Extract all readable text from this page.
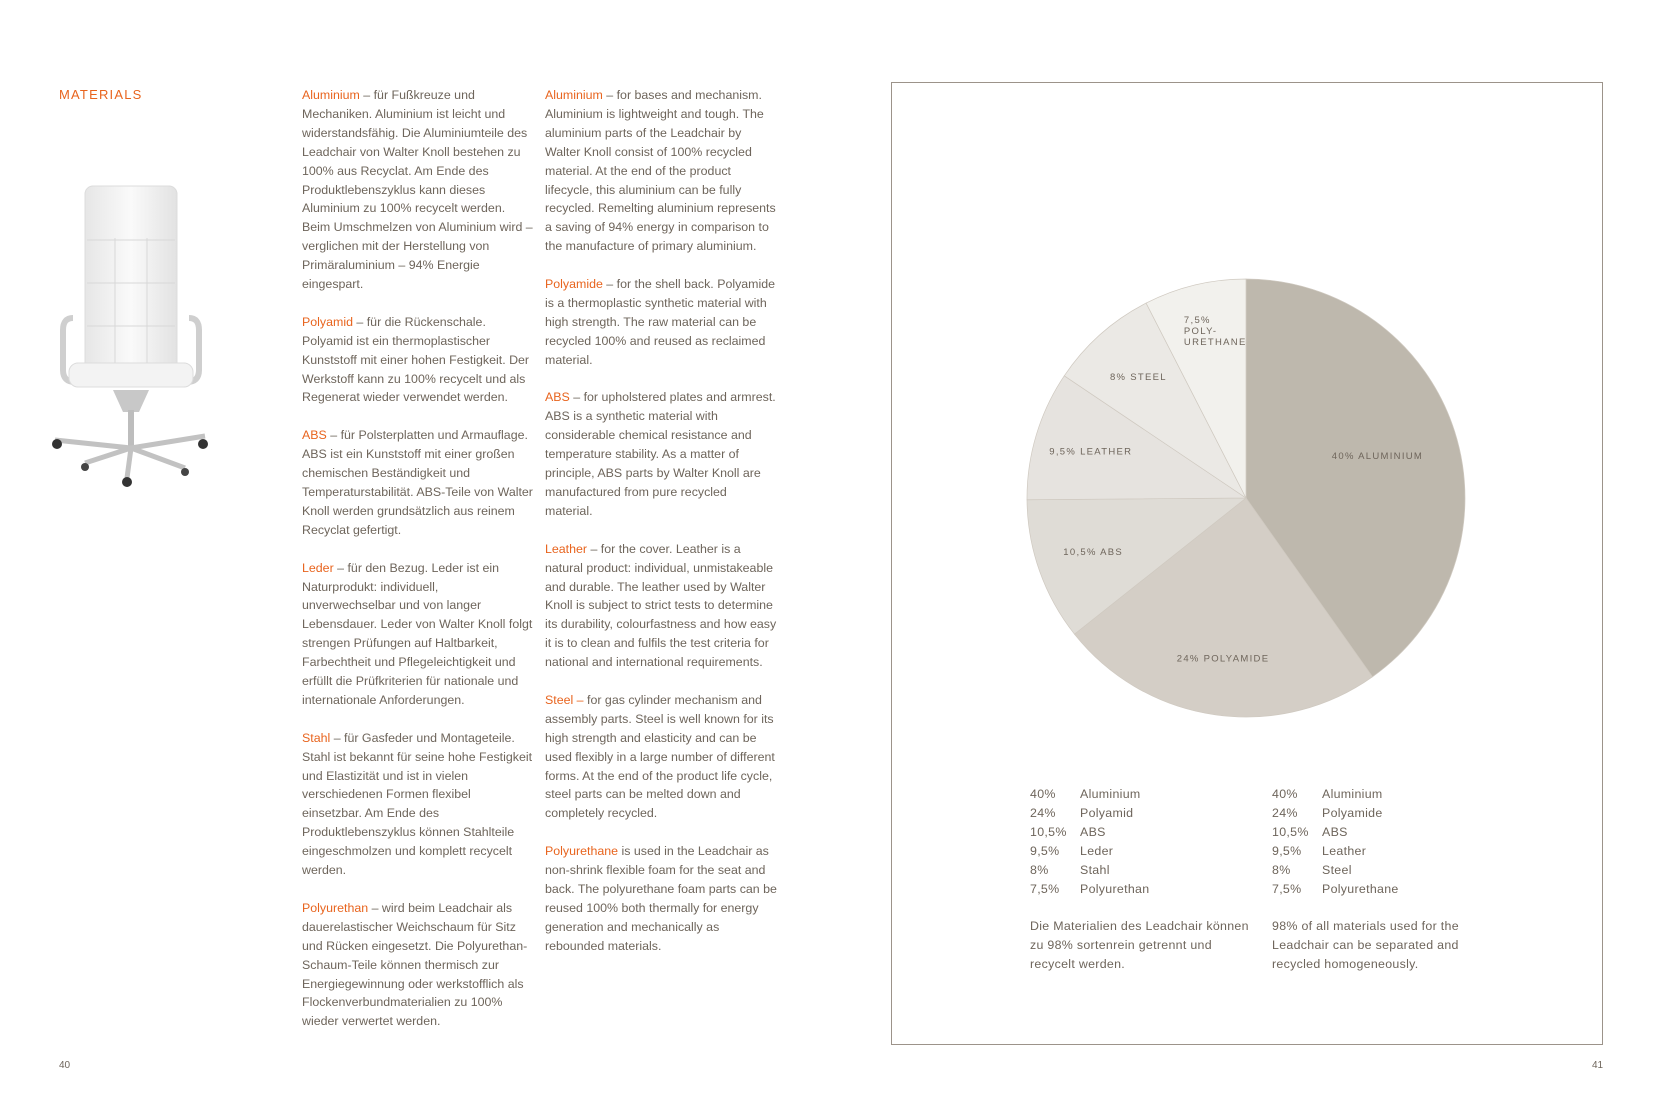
MATERIALS	Aluminium – für Fußkreuze und Mechaniken. Aluminium ist leicht und widerstandsfähig. Die Aluminiumteile des Leadchair von Walter Knoll bestehen zu 100% aus Recyclat. Am Ende des Produktlebenszyklus kann dieses Aluminium zu 100% recycelt werden. Beim Umschmelzen von Aluminium wird – verglichen mit der Herstellung von Primäraluminium – 94% Energie eingespart.

Polyamid – für die Rückenschale. Polyamid ist ein thermoplastischer Kunststoff mit einer hohen Festigkeit. Der Werkstoff kann zu 100% recycelt und als Regenerat wieder verwendet werden.

ABS – für Polsterplatten und Armauflage. ABS ist ein Kunststoff mit einer großen chemischen Beständigkeit und Temperaturstabilität. ABS-Teile von Walter Knoll werden grundsätzlich aus reinem Recyclat gefertigt.

Leder – für den Bezug. Leder ist ein Naturprodukt: individuell, unverwechselbar und von langer Lebensdauer. Leder von Walter Knoll folgt strengen Prüfungen auf Haltbarkeit, Farbechtheit und Pflegeleichtigkeit und erfüllt die Prüfkriterien für nationale und internationale Anforderungen.

Stahl – für Gasfeder und Montageteile. Stahl ist bekannt für seine hohe Festigkeit und Elastizität und ist in vielen verschiedenen Formen flexibel einsetzbar. Am Ende des Produktlebenszyklus können Stahlteile eingeschmolzen und komplett recycelt werden.

Polyurethan – wird beim Leadchair als dauerelastischer Weichschaum für Sitz und Rücken eingesetzt. Die Polyurethan-Schaum-Teile können thermisch zur Energiegewinnung oder werkstofflich als Flockenverbundmaterialien zu 100% wieder verwertet werden.

Aluminium – for bases and mechanism. Aluminium is lightweight and tough. The aluminium parts of the Leadchair by Walter Knoll consist of 100% recycled material. At the end of the product lifecycle, this aluminium can be fully recycled. Remelting aluminium represents a saving of 94% energy in comparison to the manufacture of primary aluminium.

Polyamide – for the shell back. Polyamide is a thermoplastic synthetic material with high strength. The raw material can be recycled 100% and reused as reclaimed material.

ABS – for upholstered plates and armrest. ABS is a synthetic material with considerable chemical resistance and temperature stability. As a matter of principle, ABS parts by Walter Knoll are manufactured from pure recycled material.

Leather – for the cover. Leather is a natural product: individual, unmistakeable and durable. The leather used by Walter Knoll is subject to strict tests to determine its durability, colourfastness and how easy it is to clean and fulfils the test criteria for national and international requirements.

Steel – for gas cylinder mechanism and assembly parts. Steel is well known for its high strength and elasticity and can be used flexibly in a large number of different forms. At the end of the product life cycle, steel parts can be melted down and completely recycled.

Polyurethane is used in the Leadchair as non-shrink flexible foam for the seat and back. The polyurethane foam parts can be reused 100% both thermally for energy generation and mechanically as rebounded materials.

40
40% ALUMINIUM
24% POLYAMIDE
10,5% ABS
9,5% LEATHER
8% STEEL
7,5% POLY-URETHANE
40%	Aluminium
24%	Polyamid
10,5%	ABS
9,5%	Leder
8%	Stahl
7,5%	Polyurethan
40%	Aluminium
24%	Polyamide
10,5%	ABS
9,5%	Leather
8%	Steel
7,5%	Polyurethane
Die Materialien des Leadchair können zu 98% sortenrein getrennt und recycelt werden.
98% of all materials used for the Leadchair can be separated and recycled homogeneously.
41
